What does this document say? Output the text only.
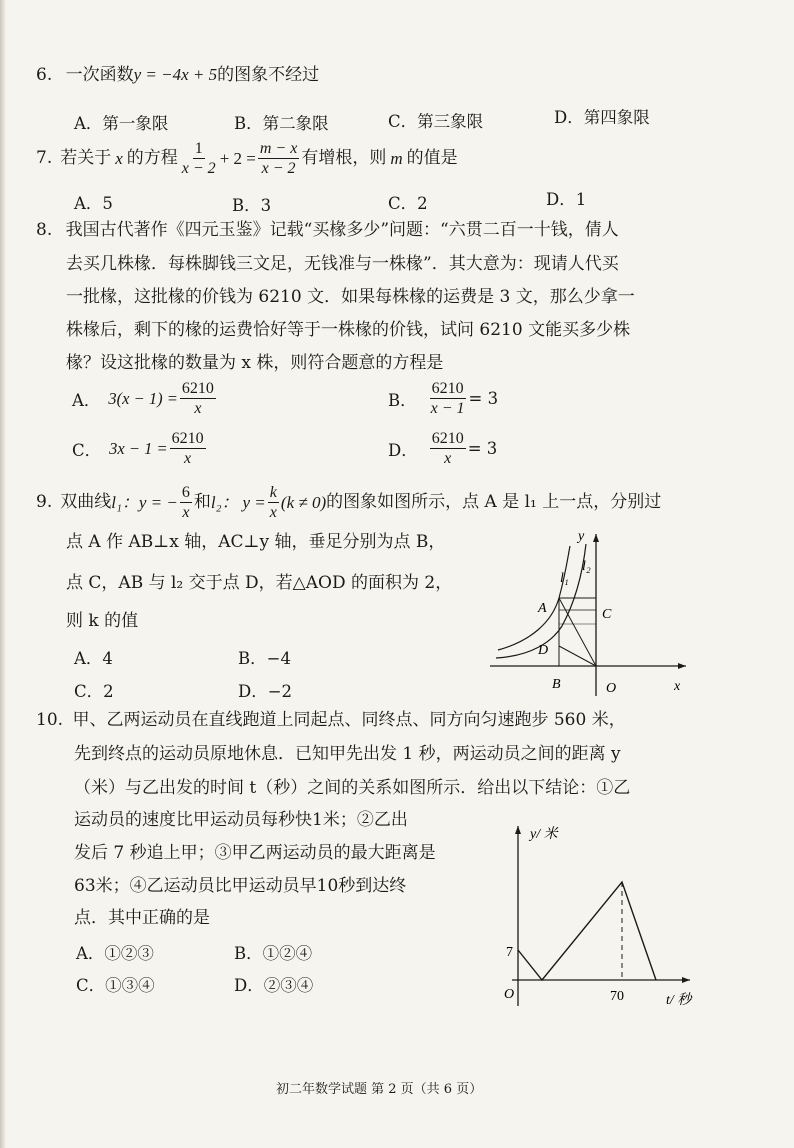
6. 一次函数y = −4x + 5的图象不经过
A．第一象限	B．第二象限	C．第三象限	D．第四象限
7. 若关于 x 的方程 $\frac{1}{x - 2} + 2 = \frac{m - x}{x - 2}$ 有增根，则 m 的值是
A．5	B．3	C．2	D．1
8. 我国古代著作《四元玉鉴》记载“买椽多少”问题：“六贯二百一十钱，倩人
去买几株椽．每株脚钱三文足，无钱准与一株椽”．其大意为：现请人代买
一批椽，这批椽的价钱为 6210 文．如果每株椽的运费是 3 文，那么少拿一
株椽后，剩下的椽的运费恰好等于一株椽的价钱，试问 6210 文能买多少株
椽？设这批椽的数量为 x 株，则符合题意的方程是
A． $3(x - 1) = \frac{6210}{x}$	B． $\frac{6210}{x - 1} = 3$
C． $3x - 1 = \frac{6210}{x}$	D． $\frac{6210}{x} = 3$
9. 双曲线 l₁： y = − $\frac{6}{x}$ 和 l₂： $y = \frac{k}{x} (k \ne 0)$ 的图象如图所示，点 A 是 l₁ 上一点，分别过
点 A 作 AB⊥x 轴，AC⊥y 轴，垂足分别为点 B，
点 C，AB 与 l₂ 交于点 D，若△AOD 的面积为 2，
则 k 的值
A．4	B．−4
C．2	D．−2
y
x
O
A
B
C
D
l₁
l₂
10. 甲、乙两运动员在直线跑道上同起点、同终点、同方向匀速跑步 560 米，
先到终点的运动员原地休息．已知甲先出发 1 秒，两运动员之间的距离 y
（米）与乙出发的时间 t（秒）之间的关系如图所示．给出以下结论：①乙
运动员的速度比甲运动员每秒快1米；②乙出
发后 7 秒追上甲；③甲乙两运动员的最大距离是
63米；④乙运动员比甲运动员早10秒到达终
点．其中正确的是
A．①②③	B．①②④
C．①③④	D．②③④
y/ 米
t/ 秒
O
7
70
初二年数学试题 第 2 页（共 6 页）
